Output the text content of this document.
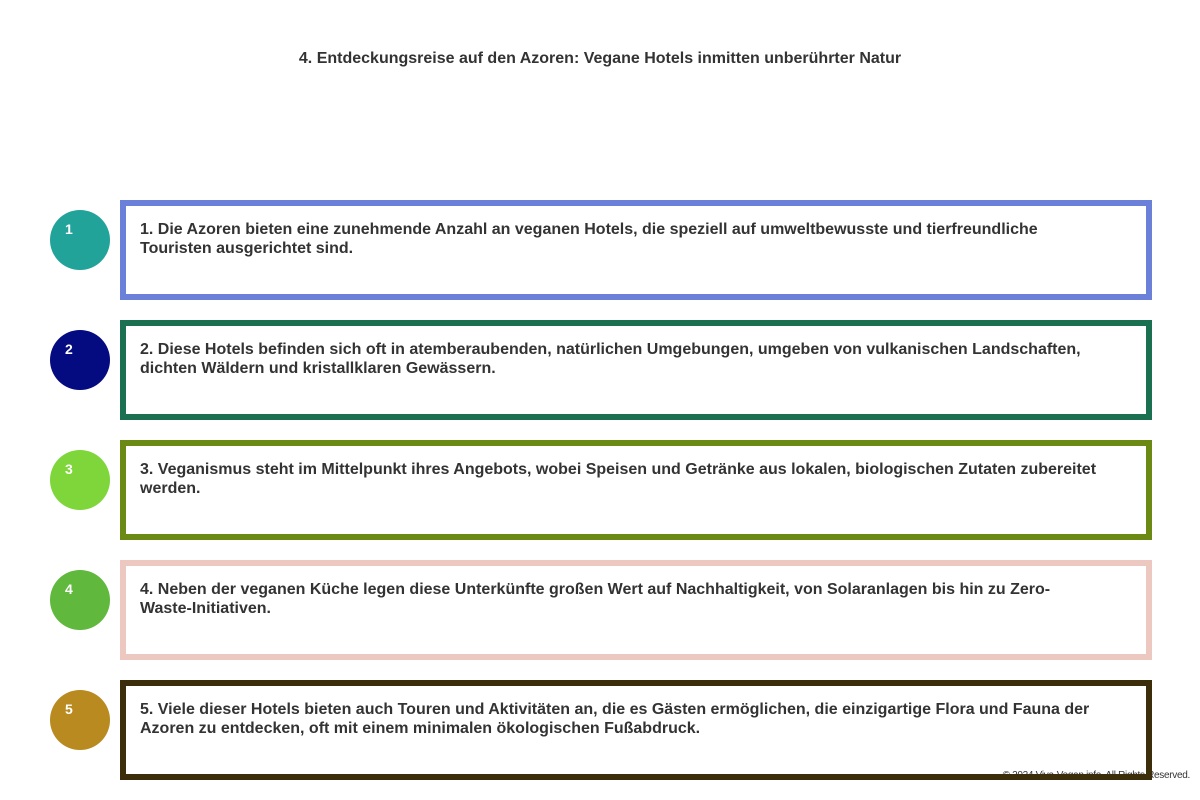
4. Entdeckungsreise auf den Azoren: Vegane Hotels inmitten unberührter Natur
1	1. Die Azoren bieten eine zunehmende Anzahl an veganen Hotels, die speziell auf umweltbewusste und tierfreundliche Touristen ausgerichtet sind.

2	2. Diese Hotels befinden sich oft in atemberaubenden, natürlichen Umgebungen, umgeben von vulkanischen Landschaften, dichten Wäldern und kristallklaren Gewässern.

3	3. Veganismus steht im Mittelpunkt ihres Angebots, wobei Speisen und Getränke aus lokalen, biologischen Zutaten zubereitet werden.

4	4. Neben der veganen Küche legen diese Unterkünfte großen Wert auf Nachhaltigkeit, von Solaranlagen bis hin zu Zero-Waste-Initiativen.

© 2024 Viva-Vegan.info. All Rights Reserved.
5	5. Viele dieser Hotels bieten auch Touren und Aktivitäten an, die es Gästen ermöglichen, die einzigartige Flora und Fauna der Azoren zu entdecken, oft mit einem minimalen ökologischen Fußabdruck.
